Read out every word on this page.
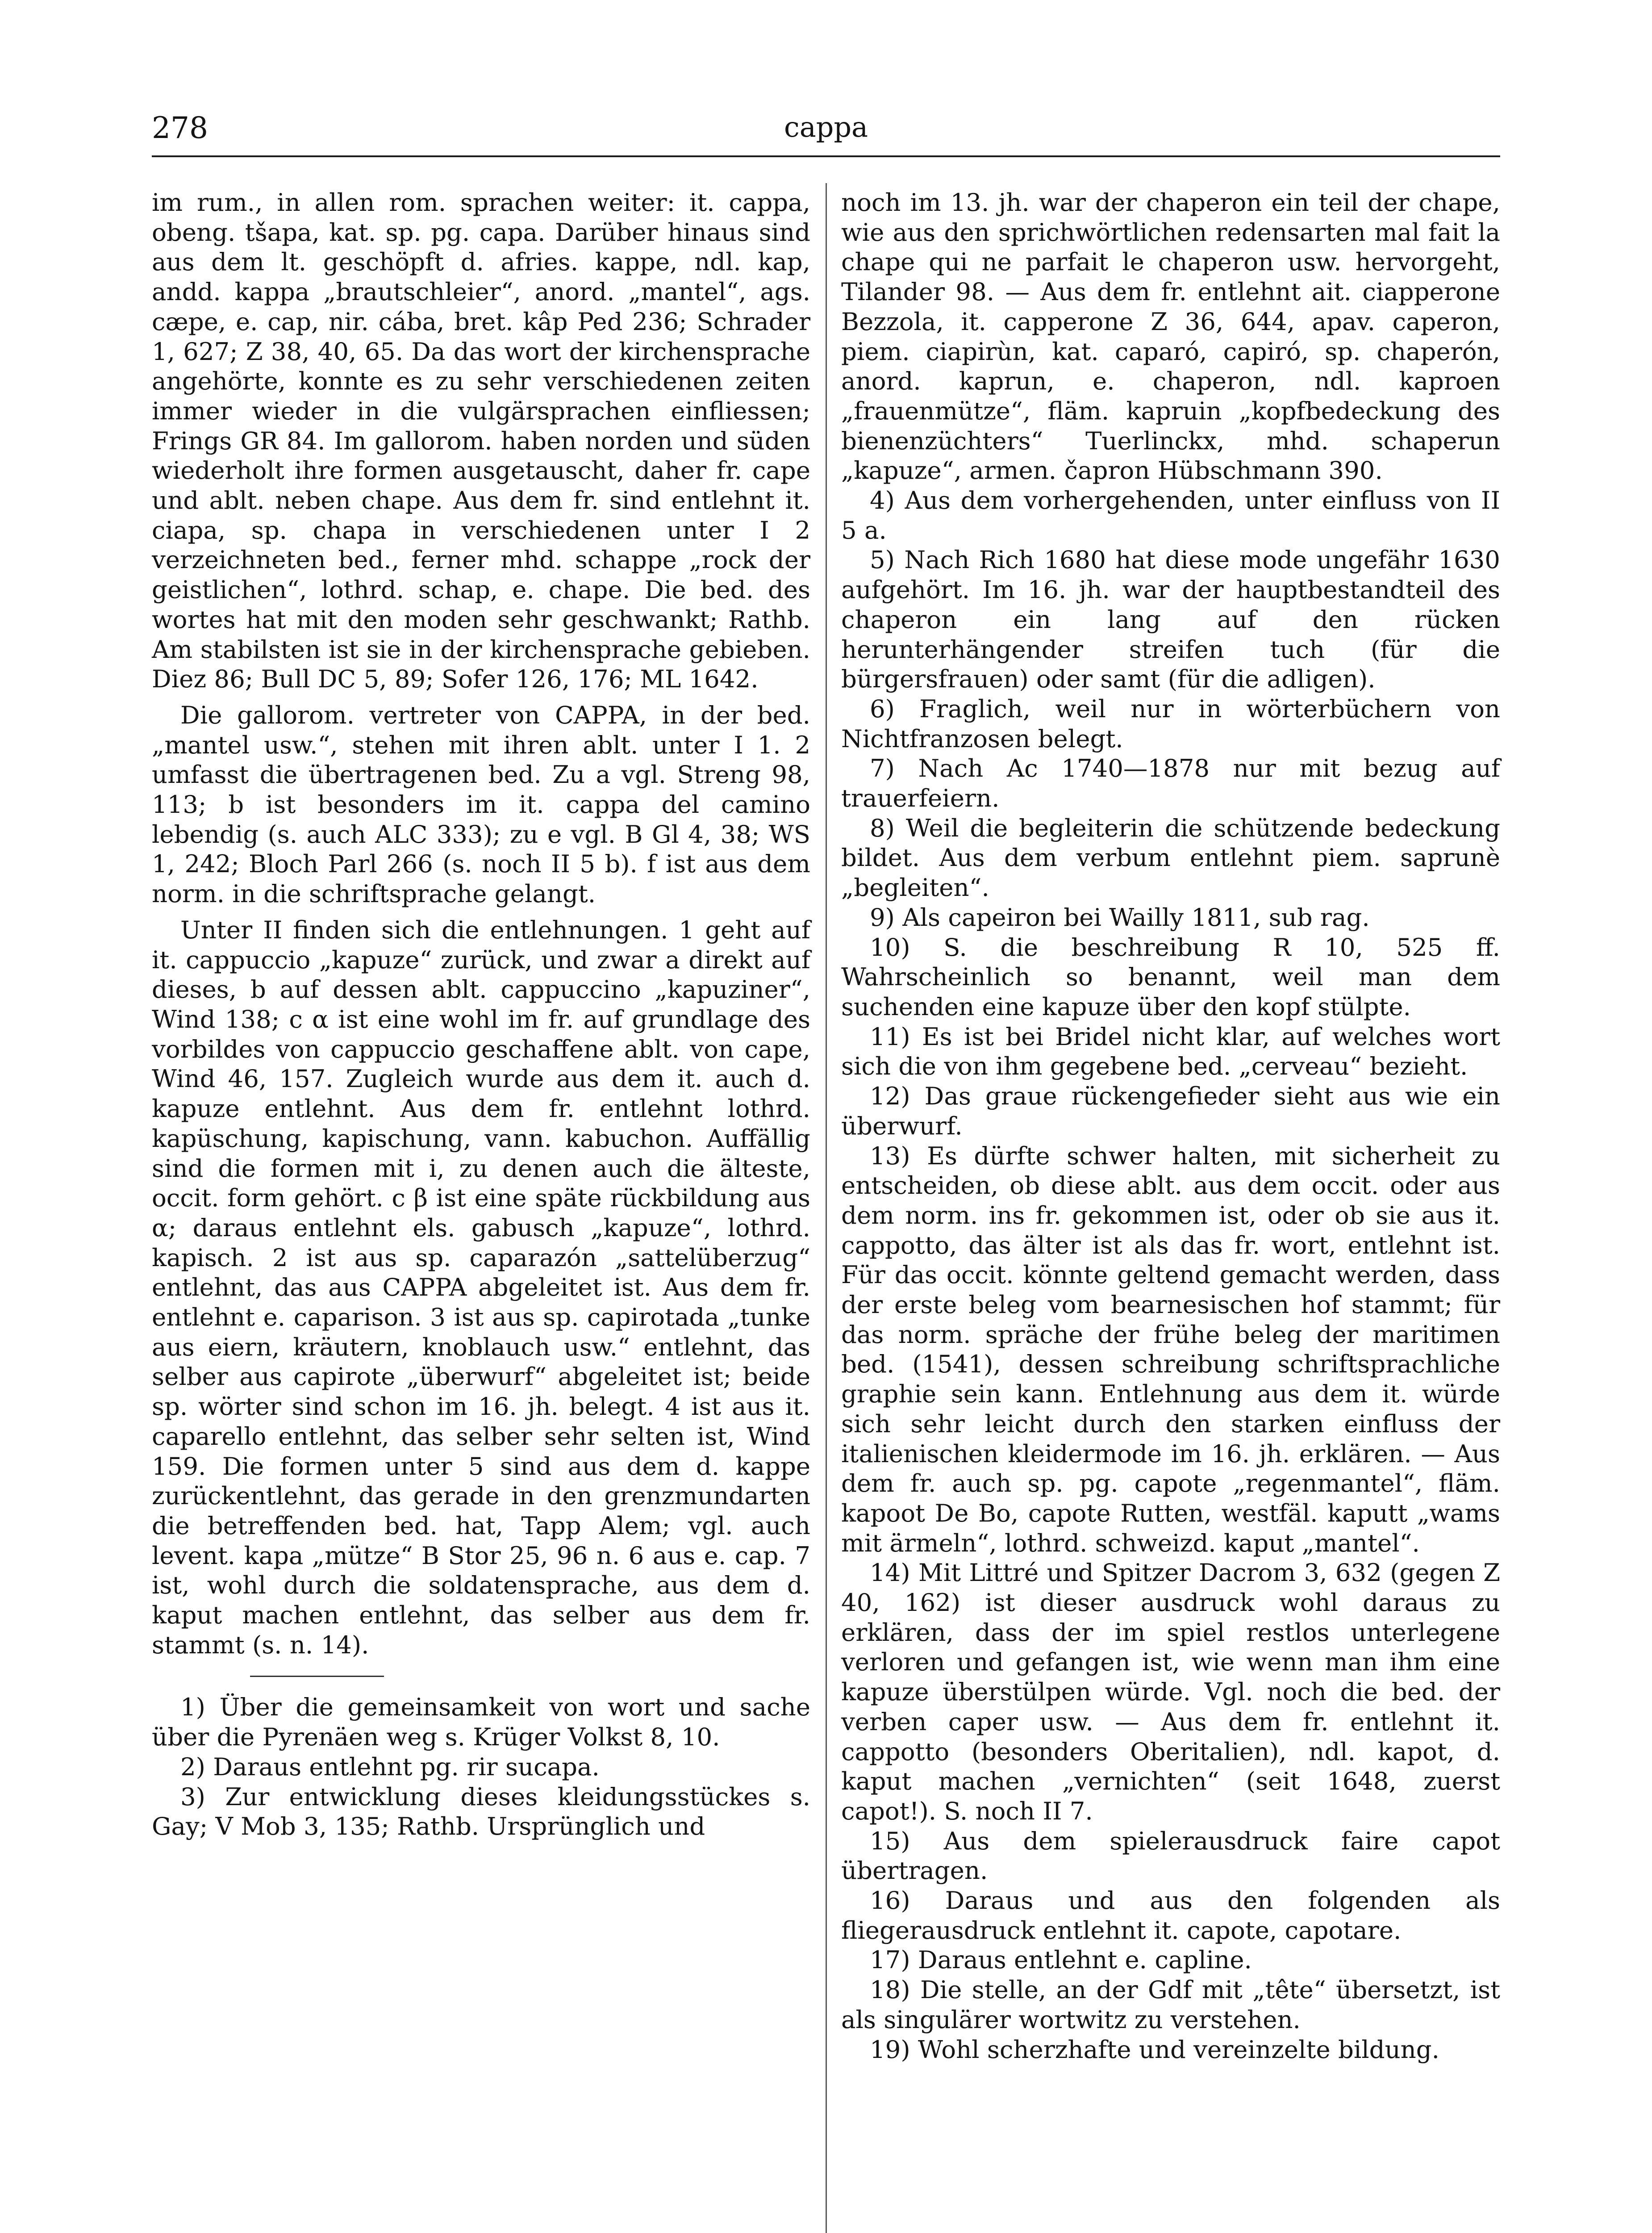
278	cappa

im rum., in allen rom. sprachen weiter: it. cappa, obeng. tšapa, kat. sp. pg. capa. Darüber hinaus sind aus dem lt. geschöpft d. afries. kappe, ndl. kap, andd. kappa „brautschleier“, anord. „mantel“, ags. cæpe, e. cap, nir. cába, bret. kâp Ped 236; Schrader 1, 627; Z 38, 40, 65. Da das wort der kirchensprache angehörte, konnte es zu sehr verschiedenen zeiten immer wieder in die vulgärsprachen einfliessen; Frings GR 84. Im gallorom. haben norden und süden wiederholt ihre formen ausgetauscht, daher fr. cape und ablt. neben chape. Aus dem fr. sind entlehnt it. ciapa, sp. chapa in verschiedenen unter I 2 verzeichneten bed., ferner mhd. schappe „rock der geistlichen“, lothrd. schap, e. chape. Die bed. des wortes hat mit den moden sehr geschwankt; Rathb. Am stabilsten ist sie in der kirchensprache gebieben. Diez 86; Bull DC 5, 89; Sofer 126, 176; ML 1642.

Die gallorom. vertreter von CAPPA, in der bed. „mantel usw.“, stehen mit ihren ablt. unter I 1. 2 umfasst die übertragenen bed. Zu a vgl. Streng 98, 113; b ist besonders im it. cappa del camino lebendig (s. auch ALC 333); zu e vgl. B Gl 4, 38; WS 1, 242; Bloch Parl 266 (s. noch II 5 b). f ist aus dem norm. in die schriftsprache gelangt.

Unter II finden sich die entlehnungen. 1 geht auf it. cappuccio „kapuze“ zurück, und zwar a direkt auf dieses, b auf dessen ablt. cappuccino „kapuziner“, Wind 138; c α ist eine wohl im fr. auf grundlage des vorbildes von cappuccio geschaffene ablt. von cape, Wind 46, 157. Zugleich wurde aus dem it. auch d. kapuze entlehnt. Aus dem fr. entlehnt lothrd. kapüschung, kapischung, vann. kabuchon. Auffällig sind die formen mit i, zu denen auch die älteste, occit. form gehört. c β ist eine späte rückbildung aus α; daraus entlehnt els. gabusch „kapuze“, lothrd. kapisch. 2 ist aus sp. caparazón „sattelüberzug“ entlehnt, das aus CAPPA abgeleitet ist. Aus dem fr. entlehnt e. caparison. 3 ist aus sp. capirotada „tunke aus eiern, kräutern, knoblauch usw.“ entlehnt, das selber aus capirote „überwurf“ abgeleitet ist; beide sp. wörter sind schon im 16. jh. belegt. 4 ist aus it. caparello entlehnt, das selber sehr selten ist, Wind 159. Die formen unter 5 sind aus dem d. kappe zurückentlehnt, das gerade in den grenzmundarten die betreffenden bed. hat, Tapp Alem; vgl. auch levent. kapa „mütze“ B Stor 25, 96 n. 6 aus e. cap. 7 ist, wohl durch die soldatensprache, aus dem d. kaput machen entlehnt, das selber aus dem fr. stammt (s. n. 14).

1) Über die gemeinsamkeit von wort und sache über die Pyrenäen weg s. Krüger Volkst 8, 10.

2) Daraus entlehnt pg. rir sucapa.

3) Zur entwicklung dieses kleidungsstückes s. Gay; V Mob 3, 135; Rathb. Ursprünglich und

noch im 13. jh. war der chaperon ein teil der chape, wie aus den sprichwörtlichen redensarten mal fait la chape qui ne parfait le chaperon usw. hervorgeht, Tilander 98. — Aus dem fr. entlehnt ait. ciapperone Bezzola, it. capperone Z 36, 644, apav. caperon, piem. ciapirùn, kat. caparó, capiró, sp. chaperón, anord. kaprun, e. chaperon, ndl. kaproen „frauenmütze“, fläm. kapruin „kopfbedeckung des bienenzüchters“ Tuerlinckx, mhd. schaperun „kapuze“, armen. čapron Hübschmann 390.

4) Aus dem vorhergehenden, unter einfluss von II 5 a.

5) Nach Rich 1680 hat diese mode ungefähr 1630 aufgehört. Im 16. jh. war der hauptbestandteil des chaperon ein lang auf den rücken herunterhängender streifen tuch (für die bürgersfrauen) oder samt (für die adligen).

6) Fraglich, weil nur in wörterbüchern von Nichtfranzosen belegt.

7) Nach Ac 1740—1878 nur mit bezug auf trauerfeiern.

8) Weil die begleiterin die schützende bedeckung bildet. Aus dem verbum entlehnt piem. saprunè „begleiten“.

9) Als capeiron bei Wailly 1811, sub rag.

10) S. die beschreibung R 10, 525 ff. Wahrscheinlich so benannt, weil man dem suchenden eine kapuze über den kopf stülpte.

11) Es ist bei Bridel nicht klar, auf welches wort sich die von ihm gegebene bed. „cerveau“ bezieht.

12) Das graue rückengefieder sieht aus wie ein überwurf.

13) Es dürfte schwer halten, mit sicherheit zu entscheiden, ob diese ablt. aus dem occit. oder aus dem norm. ins fr. gekommen ist, oder ob sie aus it. cappotto, das älter ist als das fr. wort, entlehnt ist. Für das occit. könnte geltend gemacht werden, dass der erste beleg vom bearnesischen hof stammt; für das norm. spräche der frühe beleg der maritimen bed. (1541), dessen schreibung schriftsprachliche graphie sein kann. Entlehnung aus dem it. würde sich sehr leicht durch den starken einfluss der italienischen kleidermode im 16. jh. erklären. — Aus dem fr. auch sp. pg. capote „regenmantel“, fläm. kapoot De Bo, capote Rutten, westfäl. kaputt „wams mit ärmeln“, lothrd. schweizd. kaput „mantel“.

14) Mit Littré und Spitzer Dacrom 3, 632 (gegen Z 40, 162) ist dieser ausdruck wohl daraus zu erklären, dass der im spiel restlos unterlegene verloren und gefangen ist, wie wenn man ihm eine kapuze überstülpen würde. Vgl. noch die bed. der verben caper usw. — Aus dem fr. entlehnt it. cappotto (besonders Oberitalien), ndl. kapot, d. kaput machen „vernichten“ (seit 1648, zuerst capot!). S. noch II 7.

15) Aus dem spielerausdruck faire capot übertragen.

16) Daraus und aus den folgenden als fliegerausdruck entlehnt it. capote, capotare.

17) Daraus entlehnt e. capline.

18) Die stelle, an der Gdf mit „tête“ übersetzt, ist als singulärer wortwitz zu verstehen.

19) Wohl scherzhafte und vereinzelte bildung.
